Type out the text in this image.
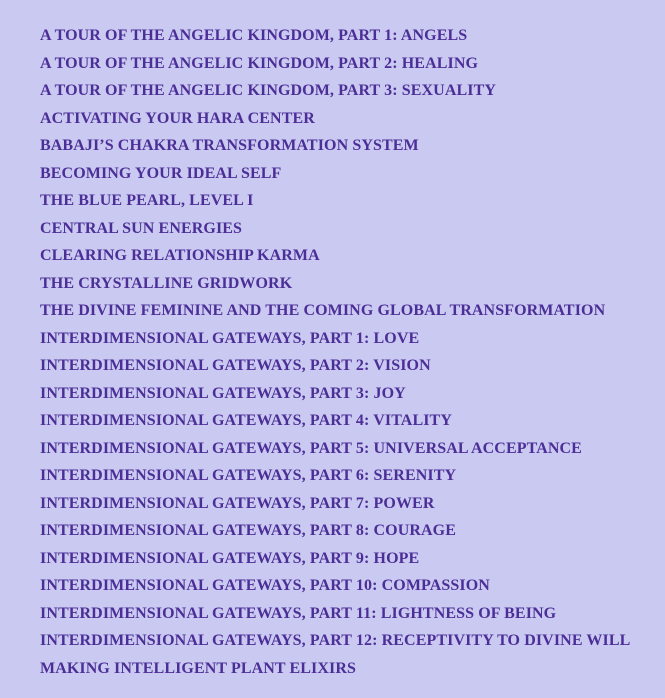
A TOUR OF THE ANGELIC KINGDOM, PART 1: ANGELS
A TOUR OF THE ANGELIC KINGDOM, PART 2: HEALING
A TOUR OF THE ANGELIC KINGDOM, PART 3: SEXUALITY
ACTIVATING YOUR HARA CENTER
BABAJI’S CHAKRA TRANSFORMATION SYSTEM
BECOMING YOUR IDEAL SELF
THE BLUE PEARL, LEVEL I
CENTRAL SUN ENERGIES
CLEARING RELATIONSHIP KARMA
THE CRYSTALLINE GRIDWORK
THE DIVINE FEMININE AND THE COMING GLOBAL TRANSFORMATION
INTERDIMENSIONAL GATEWAYS, PART 1: LOVE
INTERDIMENSIONAL GATEWAYS, PART 2: VISION
INTERDIMENSIONAL GATEWAYS, PART 3: JOY
INTERDIMENSIONAL GATEWAYS, PART 4: VITALITY
INTERDIMENSIONAL GATEWAYS, PART 5: UNIVERSAL ACCEPTANCE
INTERDIMENSIONAL GATEWAYS, PART 6: SERENITY
INTERDIMENSIONAL GATEWAYS, PART 7: POWER
INTERDIMENSIONAL GATEWAYS, PART 8: COURAGE
INTERDIMENSIONAL GATEWAYS, PART 9: HOPE
INTERDIMENSIONAL GATEWAYS, PART 10: COMPASSION
INTERDIMENSIONAL GATEWAYS, PART 11: LIGHTNESS OF BEING
INTERDIMENSIONAL GATEWAYS, PART 12: RECEPTIVITY TO DIVINE WILL
MAKING INTELLIGENT PLANT ELIXIRS
